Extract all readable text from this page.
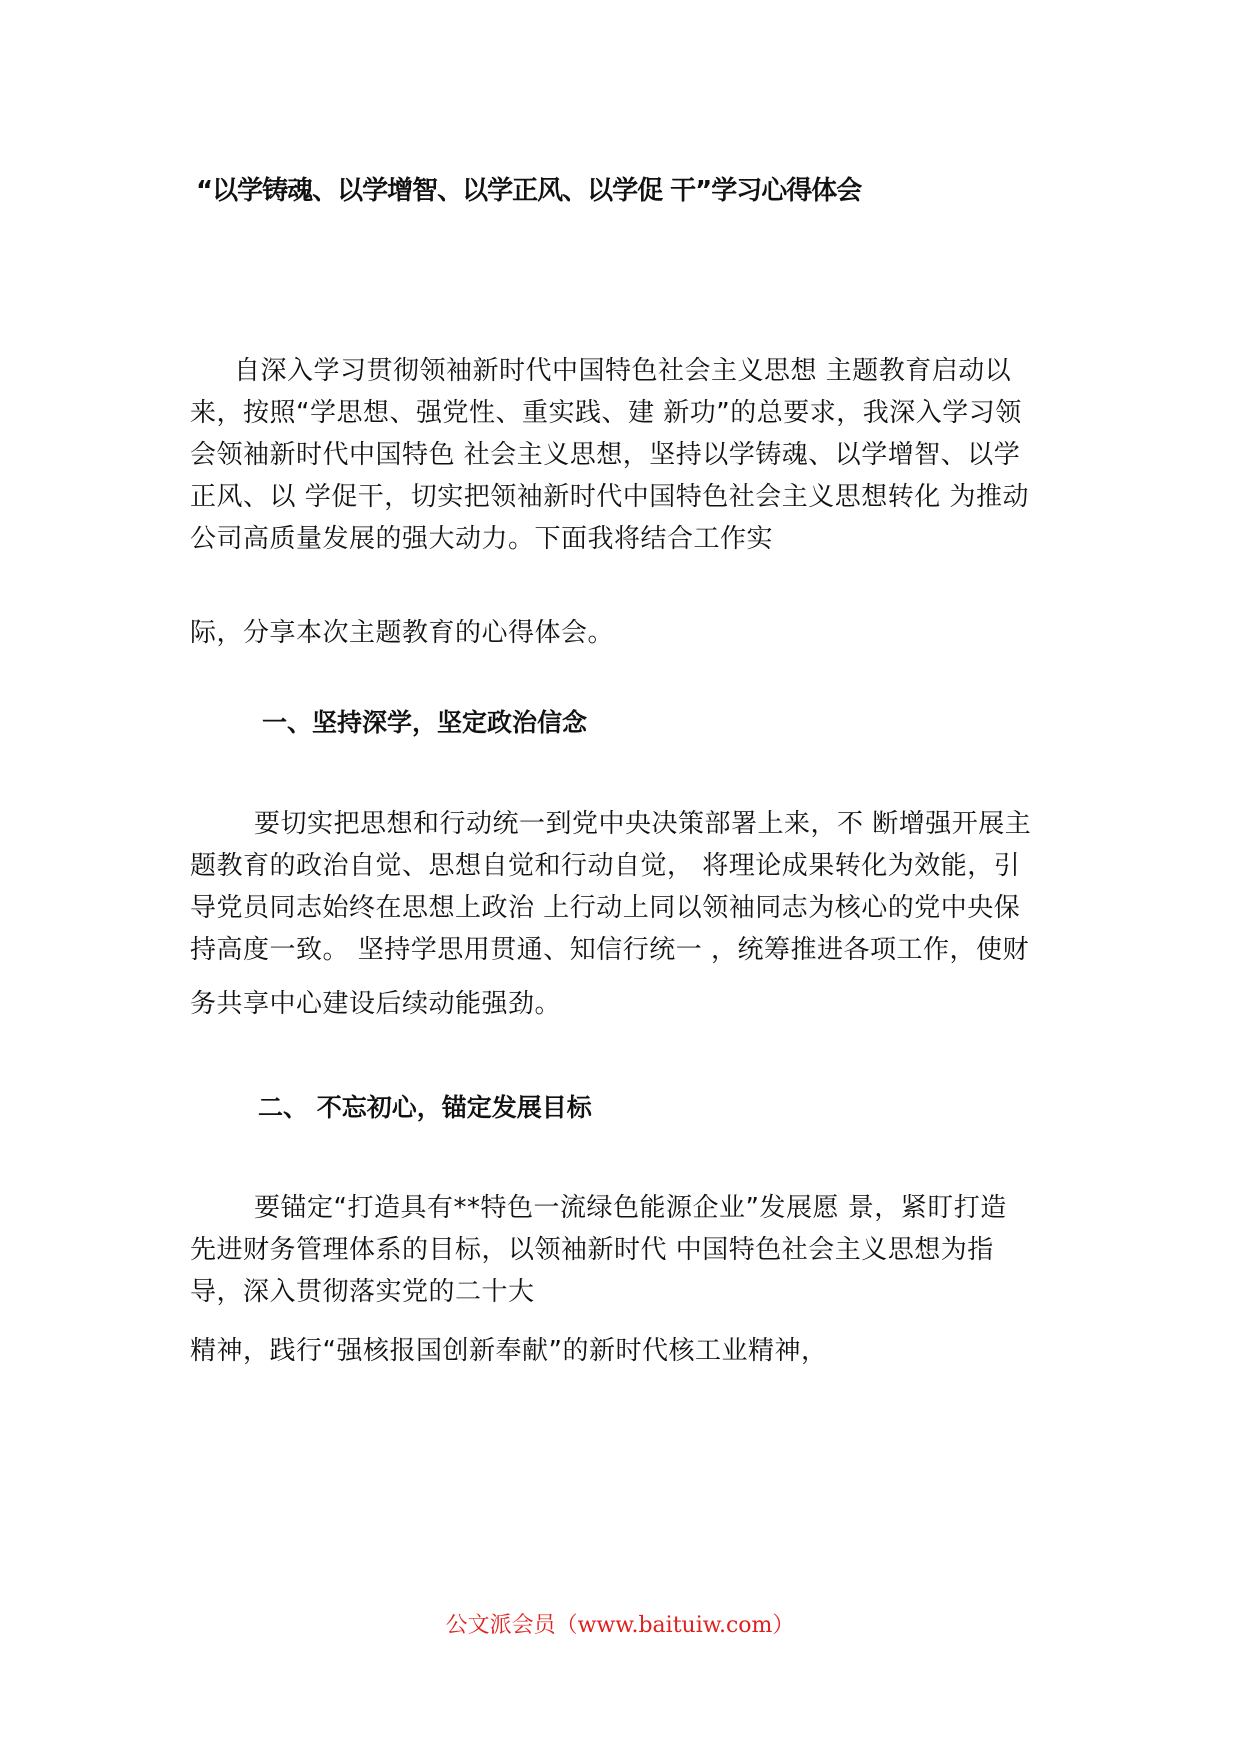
“以学铸魂、以学增智、以学正风、以学促 干”学习心得体会
自深入学习贯彻领袖新时代中国特色社会主义思想 主题教育启动以
来，按照“学思想、强党性、重实践、建 新功”的总要求，我深入学习领
会领袖新时代中国特色 社会主义思想，坚持以学铸魂、以学增智、以学
正风、以 学促干，切实把领袖新时代中国特色社会主义思想转化 为推动
公司高质量发展的强大动力。下面我将结合工作实
际，分享本次主题教育的心得体会。
一、坚持深学，坚定政治信念
要切实把思想和行动统一到党中央决策部署上来，不 断增强开展主
题教育的政治自觉、思想自觉和行动自觉， 将理论成果转化为效能，引
导党员同志始终在思想上政治 上行动上同以领袖同志为核心的党中央保
持高度一致。 坚持学思用贯通、知信行统一 ，统筹推进各项工作，使财
务共享中心建设后续动能强劲。
二、 不忘初心，锚定发展目标
要锚定“打造具有**特色一流绿色能源企业”发展愿 景，紧盯打造
先进财务管理体系的目标，以领袖新时代 中国特色社会主义思想为指
导，深入贯彻落实党的二十大
精神，践行“强核报国创新奉献”的新时代核工业精神，
公文派会员（www.baituiw.com）
